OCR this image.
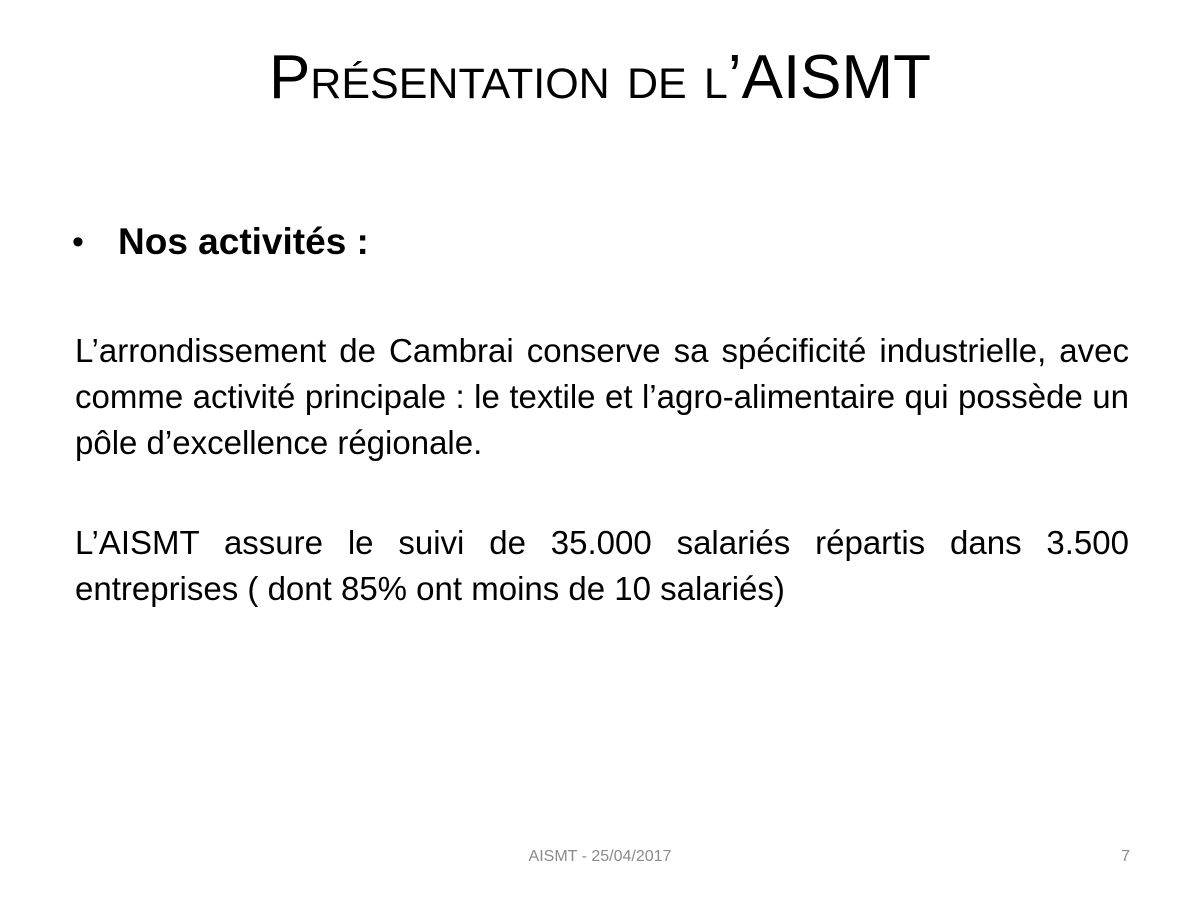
Présentation de l’AISMT
• Nos activités :
L’arrondissement de Cambrai conserve sa spécificité industrielle, avec comme activité principale : le textile et l’agro-alimentaire qui possède un pôle d’excellence régionale.
L’AISMT assure le suivi de 35.000 salariés répartis dans 3.500 entreprises ( dont 85% ont moins de 10 salariés)
AISMT - 25/04/2017	7
